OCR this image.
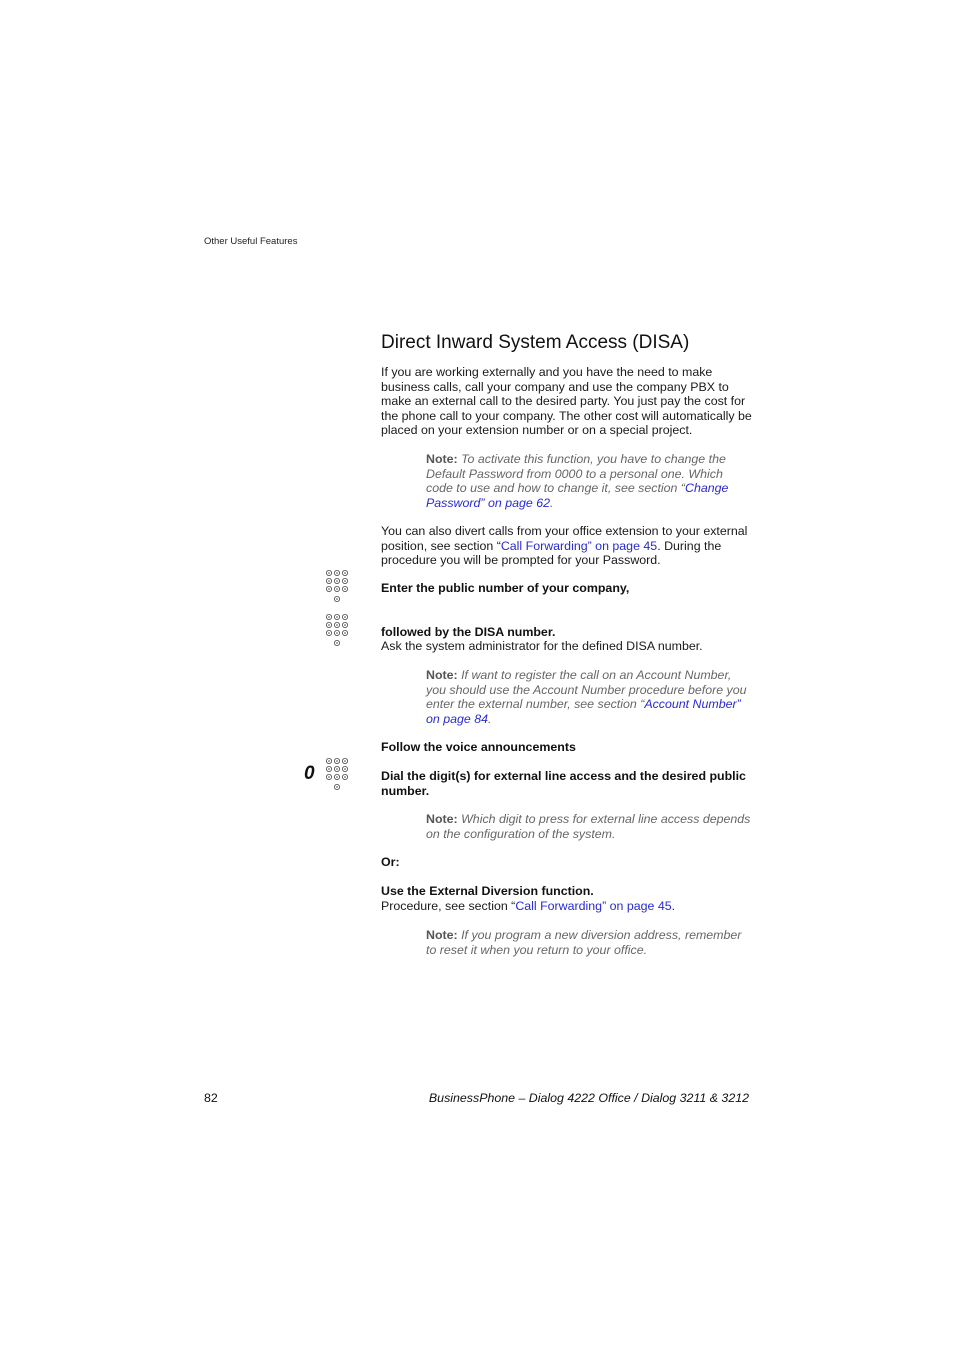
Other Useful Features
Direct Inward System Access (DISA)
If you are working externally and you have the need to make business calls, call your company and use the company PBX to make an external call to the desired party. You just pay the cost for the phone call to your company. The other cost will automatically be placed on your extension number or on a special project.
Note: To activate this function, you have to change the Default Password from 0000 to a personal one. Which code to use and how to change it, see section “Change Password” on page 62.
You can also divert calls from your office extension to your external position, see section “Call Forwarding” on page 45. During the procedure you will be prompted for your Password.
Enter the public number of your company,
followed by the DISA number.
Ask the system administrator for the defined DISA number.
Note: If want to register the call on an Account Number, you should use the Account Number procedure before you enter the external number, see section “Account Number” on page 84.
Follow the voice announcements
0	Dial the digit(s) for external line access and the desired public number.
Note: Which digit to press for external line access depends on the configuration of the system.
Or:
Use the External Diversion function.
Procedure, see section “Call Forwarding” on page 45.
Note: If you program a new diversion address, remember to reset it when you return to your office.
82	BusinessPhone – Dialog 4222 Office / Dialog 3211 & 3212
